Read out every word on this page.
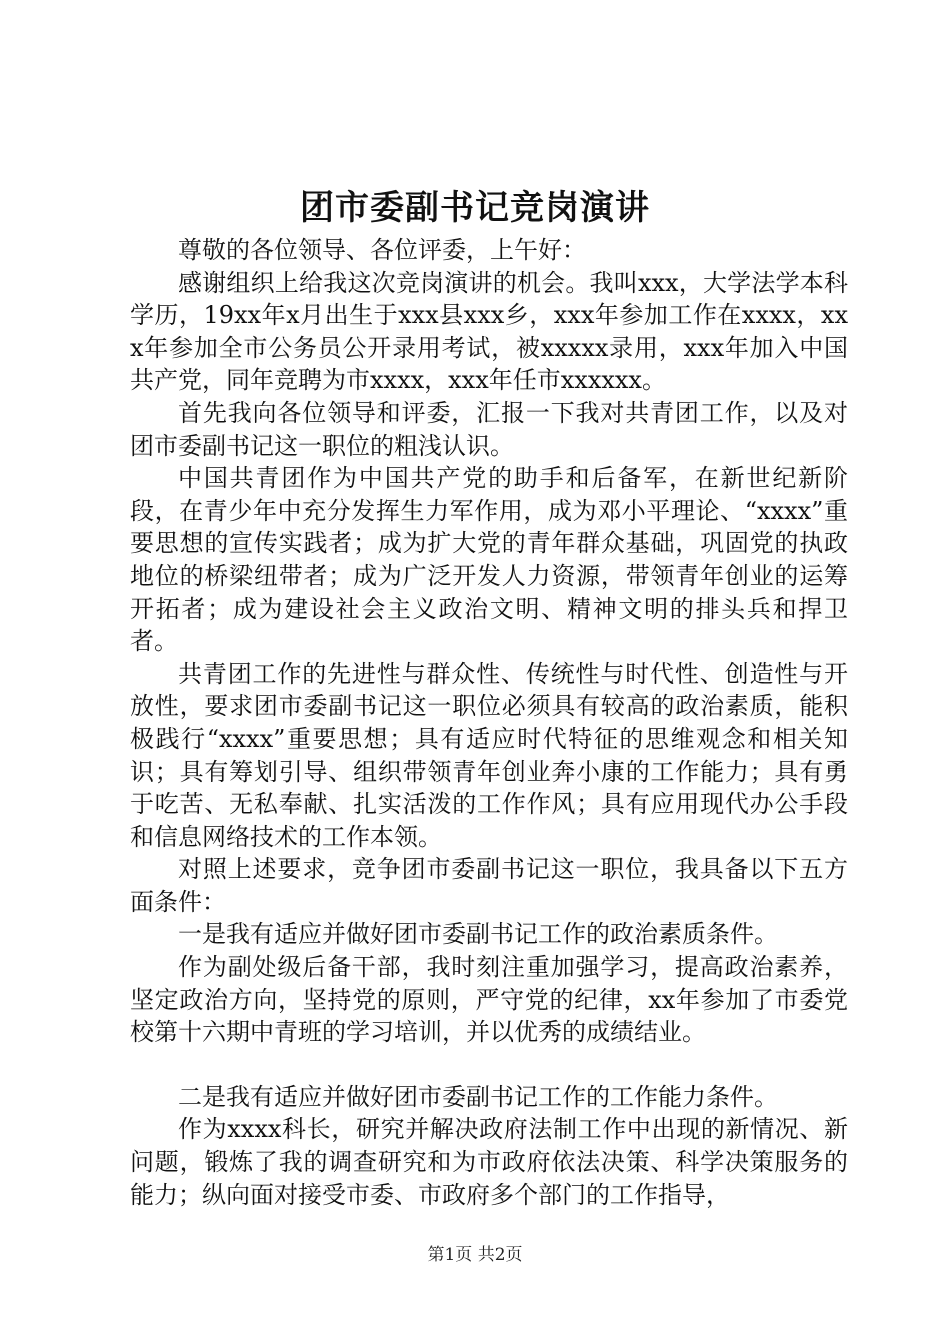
团市委副书记竞岗演讲

尊敬的各位领导、各位评委，上午好：

感谢组织上给我这次竞岗演讲的机会。我叫xxx，大学法学本科学历，19xx年x月出生于xxx县xxx乡，xxx年参加工作在xxxx，xxx年参加全市公务员公开录用考试，被xxxxx录用，xxx年加入中国共产党，同年竞聘为市xxxx，xxx年任市xxxxxx。

首先我向各位领导和评委，汇报一下我对共青团工作，以及对团市委副书记这一职位的粗浅认识。

中国共青团作为中国共产党的助手和后备军，在新世纪新阶段，在青少年中充分发挥生力军作用，成为邓小平理论、“xxxx”重要思想的宣传实践者；成为扩大党的青年群众基础，巩固党的执政地位的桥梁纽带者；成为广泛开发人力资源，带领青年创业的运筹开拓者；成为建设社会主义政治文明、精神文明的排头兵和捍卫者。

共青团工作的先进性与群众性、传统性与时代性、创造性与开放性，要求团市委副书记这一职位必须具有较高的政治素质，能积极践行“xxxx”重要思想；具有适应时代特征的思维观念和相关知识；具有筹划引导、组织带领青年创业奔小康的工作能力；具有勇于吃苦、无私奉献、扎实活泼的工作作风；具有应用现代办公手段和信息网络技术的工作本领。

对照上述要求，竞争团市委副书记这一职位，我具备以下五方面条件：

一是我有适应并做好团市委副书记工作的政治素质条件。

作为副处级后备干部，我时刻注重加强学习，提高政治素养，坚定政治方向，坚持党的原则，严守党的纪律，xx年参加了市委党校第十六期中青班的学习培训，并以优秀的成绩结业。

二是我有适应并做好团市委副书记工作的工作能力条件。

作为xxxx科长，研究并解决政府法制工作中出现的新情况、新问题，锻炼了我的调查研究和为市政府依法决策、科学决策服务的能力；纵向面对接受市委、市政府多个部门的工作指导，

第1页 共2页
